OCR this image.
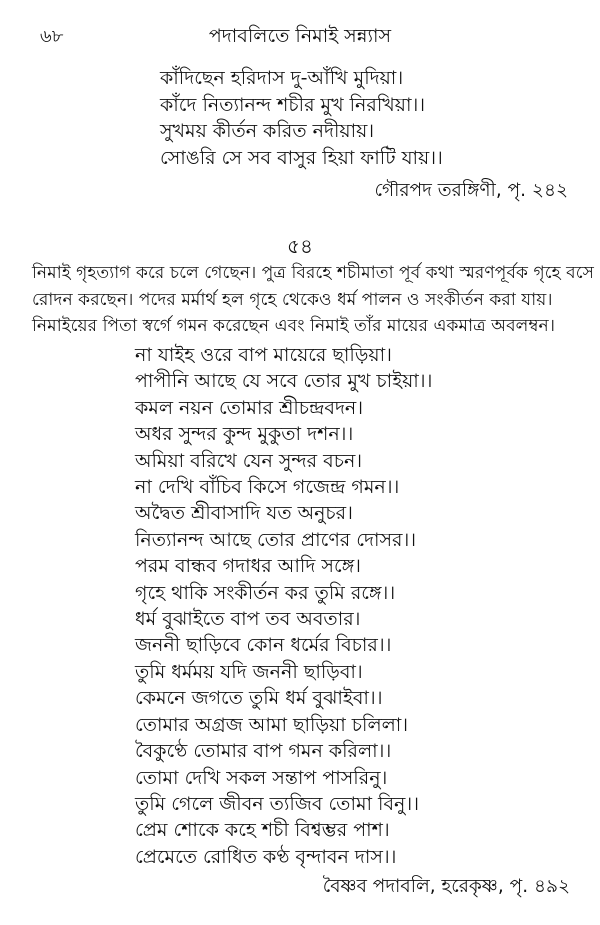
৬৮	পদাবলিতে নিমাই সন্ন্যাস
কাঁদিছেন হরিদাস দু-আঁখি মুদিয়া।
কাঁদে নিত্যানন্দ শচীর মুখ নিরখিয়া।।
সুখময় কীর্তন করিত নদীয়ায়।
সোঙরি সে সব বাসুর হিয়া ফাটি যায়।।
গৌরপদ তরঙ্গিণী, পৃ. ২৪২
৫৪
নিমাই গৃহত্যাগ করে চলে গেছেন। পুত্র বিরহে শচীমাতা পূর্ব কথা স্মরণপূর্বক গৃহে বসে
রোদন করছেন। পদের মর্মার্থ হল গৃহে থেকেও ধর্ম পালন ও সংকীর্তন করা যায়।
নিমাইয়ের পিতা স্বর্গে গমন করেছেন এবং নিমাই তাঁর মায়ের একমাত্র অবলম্বন।
না যাইহ ওরে বাপ মায়েরে ছাড়িয়া।
পাপীনি আছে যে সবে তোর মুখ চাইয়া।।
কমল নয়ন তোমার শ্রীচন্দ্রবদন।
অধর সুন্দর কুন্দ মুকুতা দশন।।
অমিয়া বরিখে যেন সুন্দর বচন।
না দেখি বাঁচিব কিসে গজেন্দ্র গমন।।
অদ্বৈত শ্রীবাসাদি যত অনুচর।
নিত্যানন্দ আছে তোর প্রাণের দোসর।।
পরম বান্ধব গদাধর আদি সঙ্গে।
গৃহে থাকি সংকীর্তন কর তুমি রঙ্গে।।
ধর্ম বুঝাইতে বাপ তব অবতার।
জননী ছাড়িবে কোন ধর্মের বিচার।।
তুমি ধর্মময় যদি জননী ছাড়িবা।
কেমনে জগতে তুমি ধর্ম বুঝাইবা।।
তোমার অগ্রজ আমা ছাড়িয়া চলিলা।
বৈকুণ্ঠে তোমার বাপ গমন করিলা।।
তোমা দেখি সকল সন্তাপ পাসরিনু।
তুমি গেলে জীবন ত্যজিব তোমা বিনু।।
প্রেম শোকে কহে শচী বিশ্বম্ভর পাশ।
প্রেমেতে রোধিত কণ্ঠ বৃন্দাবন দাস।।
বৈষ্ণব পদাবলি, হরেকৃষ্ণ, পৃ. ৪৯২
